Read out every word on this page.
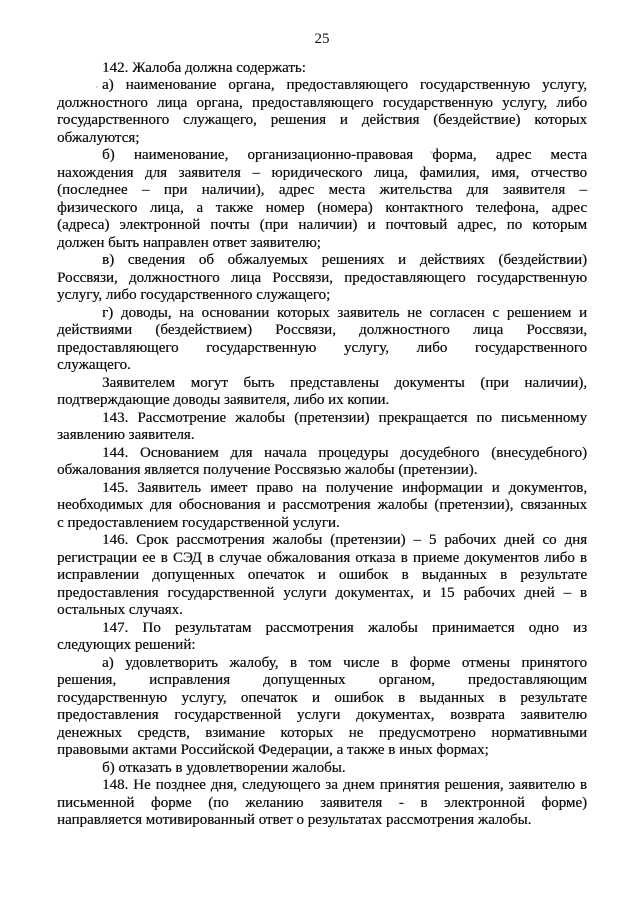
25
142. Жалоба должна содержать:
а) наименование органа, предоставляющего государственную услугу,
должностного лица органа, предоставляющего государственную услугу, либо
государственного служащего, решения и действия (бездействие) которых
обжалуются;
б) наименование, организационно-правовая форма, адрес места
нахождения для заявителя – юридического лица, фамилия, имя, отчество
(последнее – при наличии), адрес места жительства для заявителя –
физического лица, а также номер (номера) контактного телефона, адрес
(адреса) электронной почты (при наличии) и почтовый адрес, по которым
должен быть направлен ответ заявителю;
в) сведения об обжалуемых решениях и действиях (бездействии)
Россвязи, должностного лица Россвязи, предоставляющего государственную
услугу, либо государственного служащего;
г) доводы, на основании которых заявитель не согласен с решением и
действиями (бездействием) Россвязи, должностного лица Россвязи,
предоставляющего государственную услугу, либо государственного
служащего.
Заявителем могут быть представлены документы (при наличии),
подтверждающие доводы заявителя, либо их копии.
143. Рассмотрение жалобы (претензии) прекращается по письменному
заявлению заявителя.
144. Основанием для начала процедуры досудебного (внесудебного)
обжалования является получение Россвязью жалобы (претензии).
145. Заявитель имеет право на получение информации и документов,
необходимых для обоснования и рассмотрения жалобы (претензии), связанных
с предоставлением государственной услуги.
146. Срок рассмотрения жалобы (претензии) – 5 рабочих дней со дня
регистрации ее в СЭД в случае обжалования отказа в приеме документов либо в
исправлении допущенных опечаток и ошибок в выданных в результате
предоставления государственной услуги документах, и 15 рабочих дней – в
остальных случаях.
147. По результатам рассмотрения жалобы принимается одно из
следующих решений:
а) удовлетворить жалобу, в том числе в форме отмены принятого
решения, исправления допущенных органом, предоставляющим
государственную услугу, опечаток и ошибок в выданных в результате
предоставления государственной услуги документах, возврата заявителю
денежных средств, взимание которых не предусмотрено нормативными
правовыми актами Российской Федерации, а также в иных формах;
б) отказать в удовлетворении жалобы.
148. Не позднее дня, следующего за днем принятия решения, заявителю в
письменной форме (по желанию заявителя - в электронной форме)
направляется мотивированный ответ о результатах рассмотрения жалобы.
